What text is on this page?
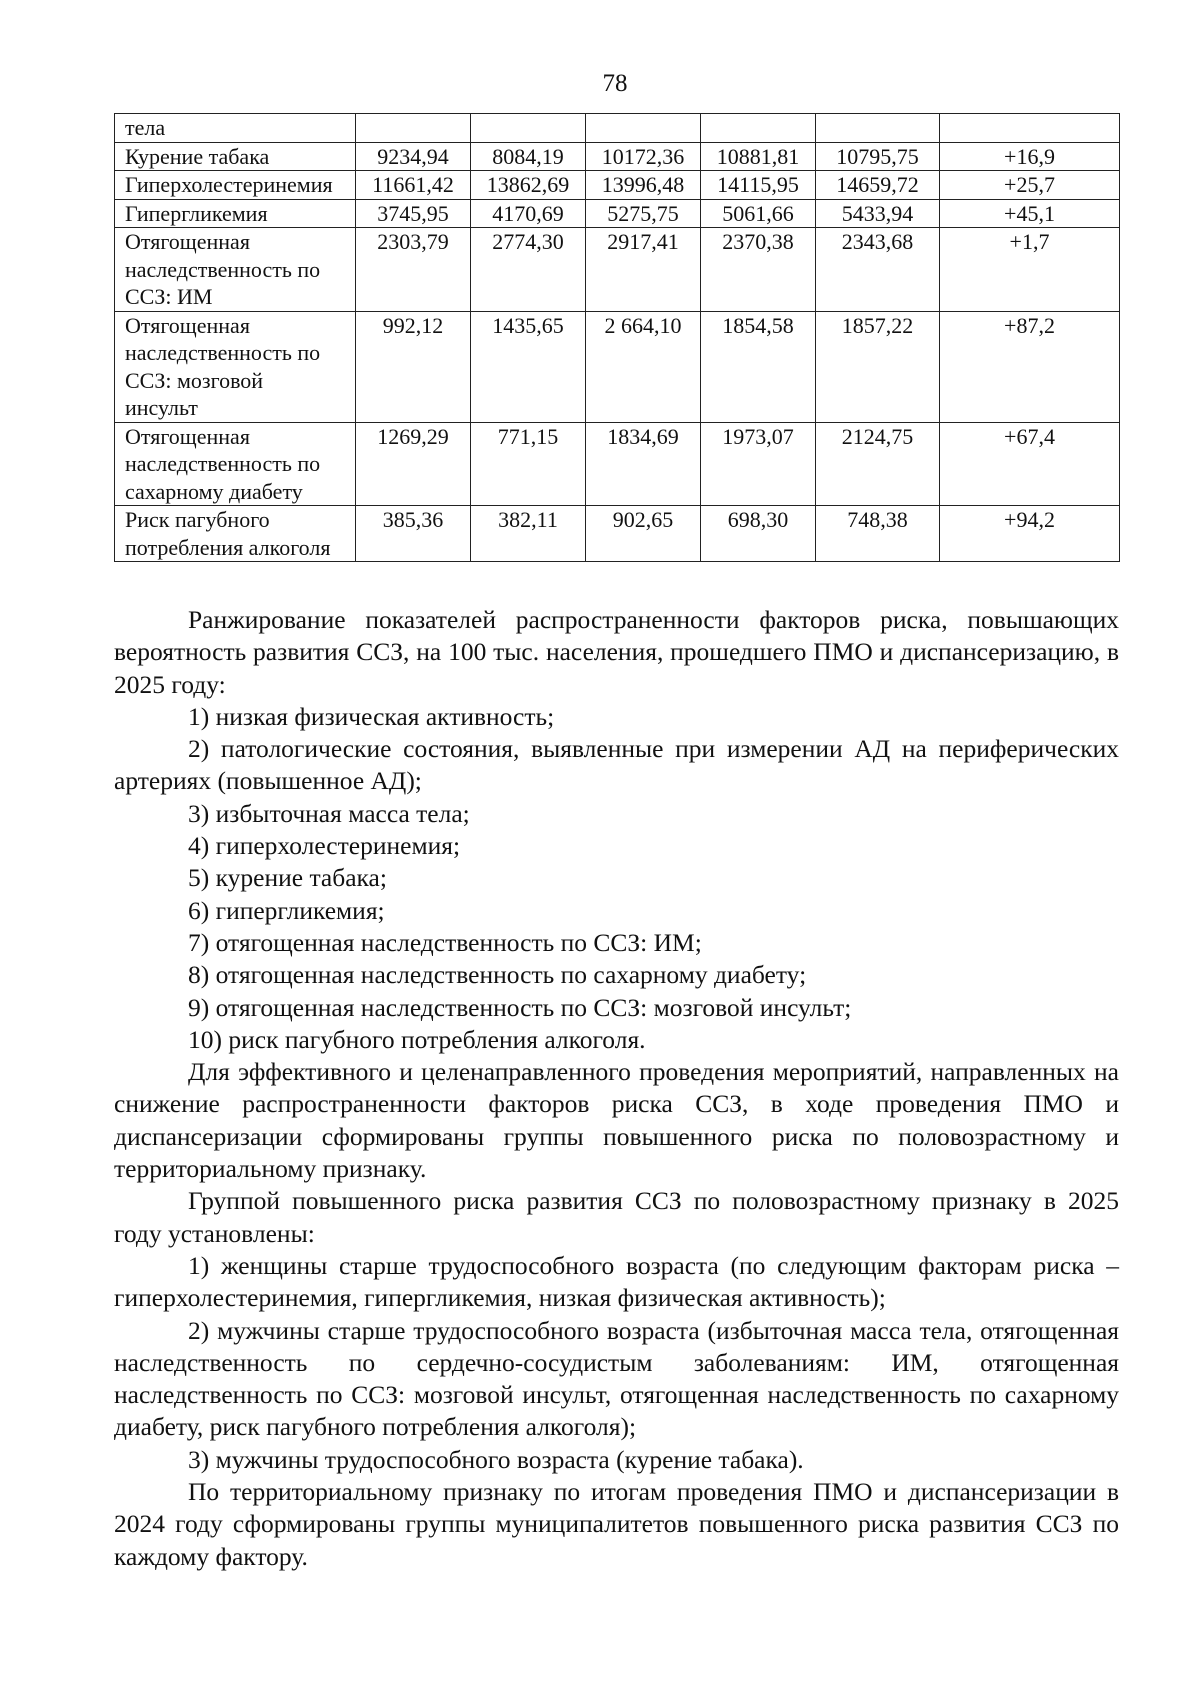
78
тела						
Курение табака	9234,94	8084,19	10172,36	10881,81	10795,75	+16,9
Гиперхолестеринемия	11661,42	13862,69	13996,48	14115,95	14659,72	+25,7
Гипергликемия	3745,95	4170,69	5275,75	5061,66	5433,94	+45,1
Отягощенная
наследственность по
ССЗ: ИМ	2303,79	2774,30	2917,41	2370,38	2343,68	+1,7
Отягощенная
наследственность по
ССЗ: мозговой
инсульт	992,12	1435,65	2 664,10	1854,58	1857,22	+87,2
Отягощенная
наследственность по
сахарному диабету	1269,29	771,15	1834,69	1973,07	2124,75	+67,4
Риск пагубного
потребления алкоголя	385,36	382,11	902,65	698,30	748,38	+94,2

Ранжирование показателей распространенности факторов риска, повышающих вероятность развития ССЗ, на 100 тыс. населения, прошедшего ПМО и диспансеризацию, в 2025 году:

1) низкая физическая активность;

2) патологические состояния, выявленные при измерении АД на периферических артериях (повышенное АД);

3) избыточная масса тела;

4) гиперхолестеринемия;

5) курение табака;

6) гипергликемия;

7) отягощенная наследственность по ССЗ: ИМ;

8) отягощенная наследственность по сахарному диабету;

9) отягощенная наследственность по ССЗ: мозговой инсульт;

10) риск пагубного потребления алкоголя.

Для эффективного и целенаправленного проведения мероприятий, направленных на снижение распространенности факторов риска ССЗ, в ходе проведения ПМО и диспансеризации сформированы группы повышенного риска по половозрастному и территориальному признаку.

Группой повышенного риска развития ССЗ по половозрастному признаку в 2025 году установлены:

1) женщины старше трудоспособного возраста (по следующим факторам риска – гиперхолестеринемия, гипергликемия, низкая физическая активность);

2) мужчины старше трудоспособного возраста (избыточная масса тела, отягощенная наследственность по сердечно-сосудистым заболеваниям: ИМ, отягощенная наследственность по ССЗ: мозговой инсульт, отягощенная наследственность по сахарному диабету, риск пагубного потребления алкоголя);

3) мужчины трудоспособного возраста (курение табака).

По территориальному признаку по итогам проведения ПМО и диспансеризации в 2024 году сформированы группы муниципалитетов повышенного риска развития ССЗ по каждому фактору.
